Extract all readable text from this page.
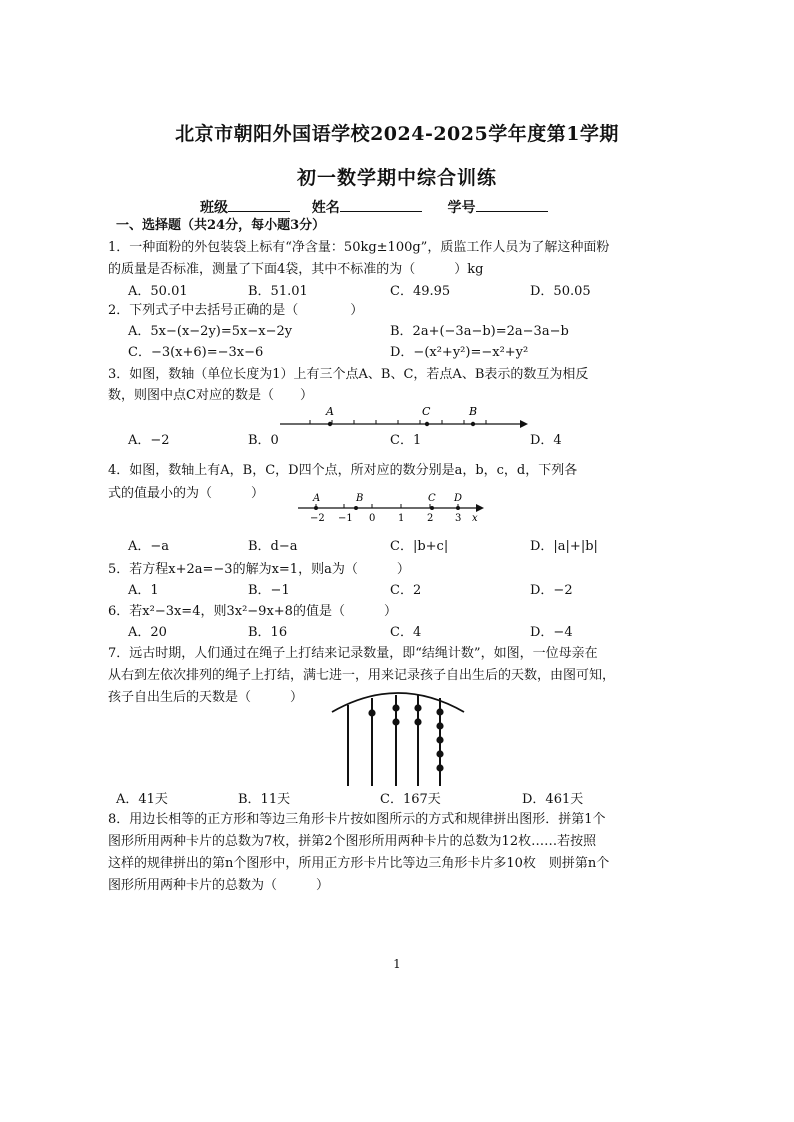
北京市朝阳外国语学校2024-2025学年度第1学期
初一数学期中综合训练
班级	姓名	学号
一、选择题（共24分，每小题3分）
1．一种面粉的外包装袋上标有“净含量：50kg±100g”，质监工作人员为了解这种面粉
的质量是否标准，测量了下面4袋，其中不标准的为（　　　）kg
A．50.01	B．51.01	C．49.95	D．50.05
2．下列式子中去括号正确的是（　　　　）
A．5x−(x−2y)=5x−x−2y	B．2a+(−3a−b)=2a−3a−b
C．−3(x+6)=−3x−6	D．−(x²+y²)=−x²+y²
3．如图，数轴（单位长度为1）上有三个点A、B、C，若点A、B表示的数互为相反
数，则图中点C对应的数是（　　）
A	C	B
A．−2	B．0	C．1	D．4
4．如图，数轴上有A，B，C，D四个点，所对应的数分别是a，b，c，d，下列各
式的值最小的为（　　　）	A	B	C D
−2 −1 0 1 2 3 x
A．−a	B．d−a	C．|b+c|	D．|a|+|b|
5．若方程x+2a=−3的解为x=1，则a为（　　　）
A．1	B．−1	C．2	D．−2
6．若x²−3x=4，则3x²−9x+8的值是（　　　）
A．20	B．16	C．4	D．−4
7．远古时期，人们通过在绳子上打结来记录数量，即“结绳计数”，如图，一位母亲在
从右到左依次排列的绳子上打结，满七进一，用来记录孩子自出生后的天数，由图可知，
孩子自出生后的天数是（　　　）
A．41天	B．11天	C．167天	D．461天
8．用边长相等的正方形和等边三角形卡片按如图所示的方式和规律拼出图形．拼第1个
图形所用两种卡片的总数为7枚，拼第2个图形所用两种卡片的总数为12枚……若按照
这样的规律拼出的第n个图形中，所用正方形卡片比等边三角形卡片多10枚　则拼第n个
图形所用两种卡片的总数为（　　　）
1
